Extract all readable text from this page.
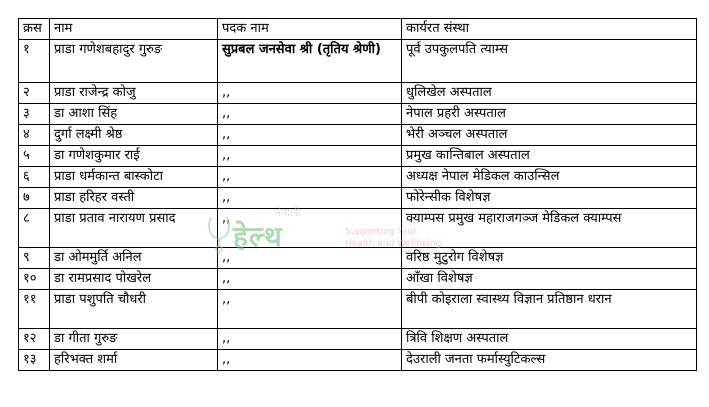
क्रस	नाम	पदक नाम	कार्यरत संस्था
१	प्राडा गणेशबहादुर गुरुङ	सुप्रबल जनसेवा श्री (तृतिय श्रेणी)	पूर्व उपकुलपति त्याम्स
२	प्राडा राजेन्द्र कोजु	,,	धुलिखेल अस्पताल
३	डा आशा सिंह	,,	नेपाल प्रहरी अस्पताल
४	दुर्गा लक्ष्मी श्रेष्ठ	,,	भेरी अञ्चल अस्पताल
५	डा गणेशकुमार राई	,,	प्रमुख कान्तिबाल अस्पताल
६	प्राडा धर्मकान्त बास्कोटा	,,	अध्यक्ष नेपाल मेडिकल काउन्सिल
७	प्राडा हरिहर वस्ती	,,	फोरेन्सीक विशेषज्ञ
८	प्राडा प्रताव नारायण प्रसाद	,,	क्याम्पस प्रमुख महाराजगञ्ज मेडिकल क्याम्पस
९	डा ओममुर्ति अनिल	,,	वरिष्ठ मुटुरोग विशेषज्ञ
१०	डा रामप्रसाद पोखरेल	,,	आँखा विशेषज्ञ
११	प्राडा पशुपति चौधरी	,,	बीपी कोइराला स्वास्थ्य विज्ञान प्रतिष्ठान धरान
१२	डा गीता गुरुङ	,,	त्रिवि शिक्षण अस्पताल
१३	हरिभक्त शर्मा	,,	देउराली जनता फर्मास्युटिकल्स
नेपाली
हेल्थ	Supporting Your
Health and Wellbeing
